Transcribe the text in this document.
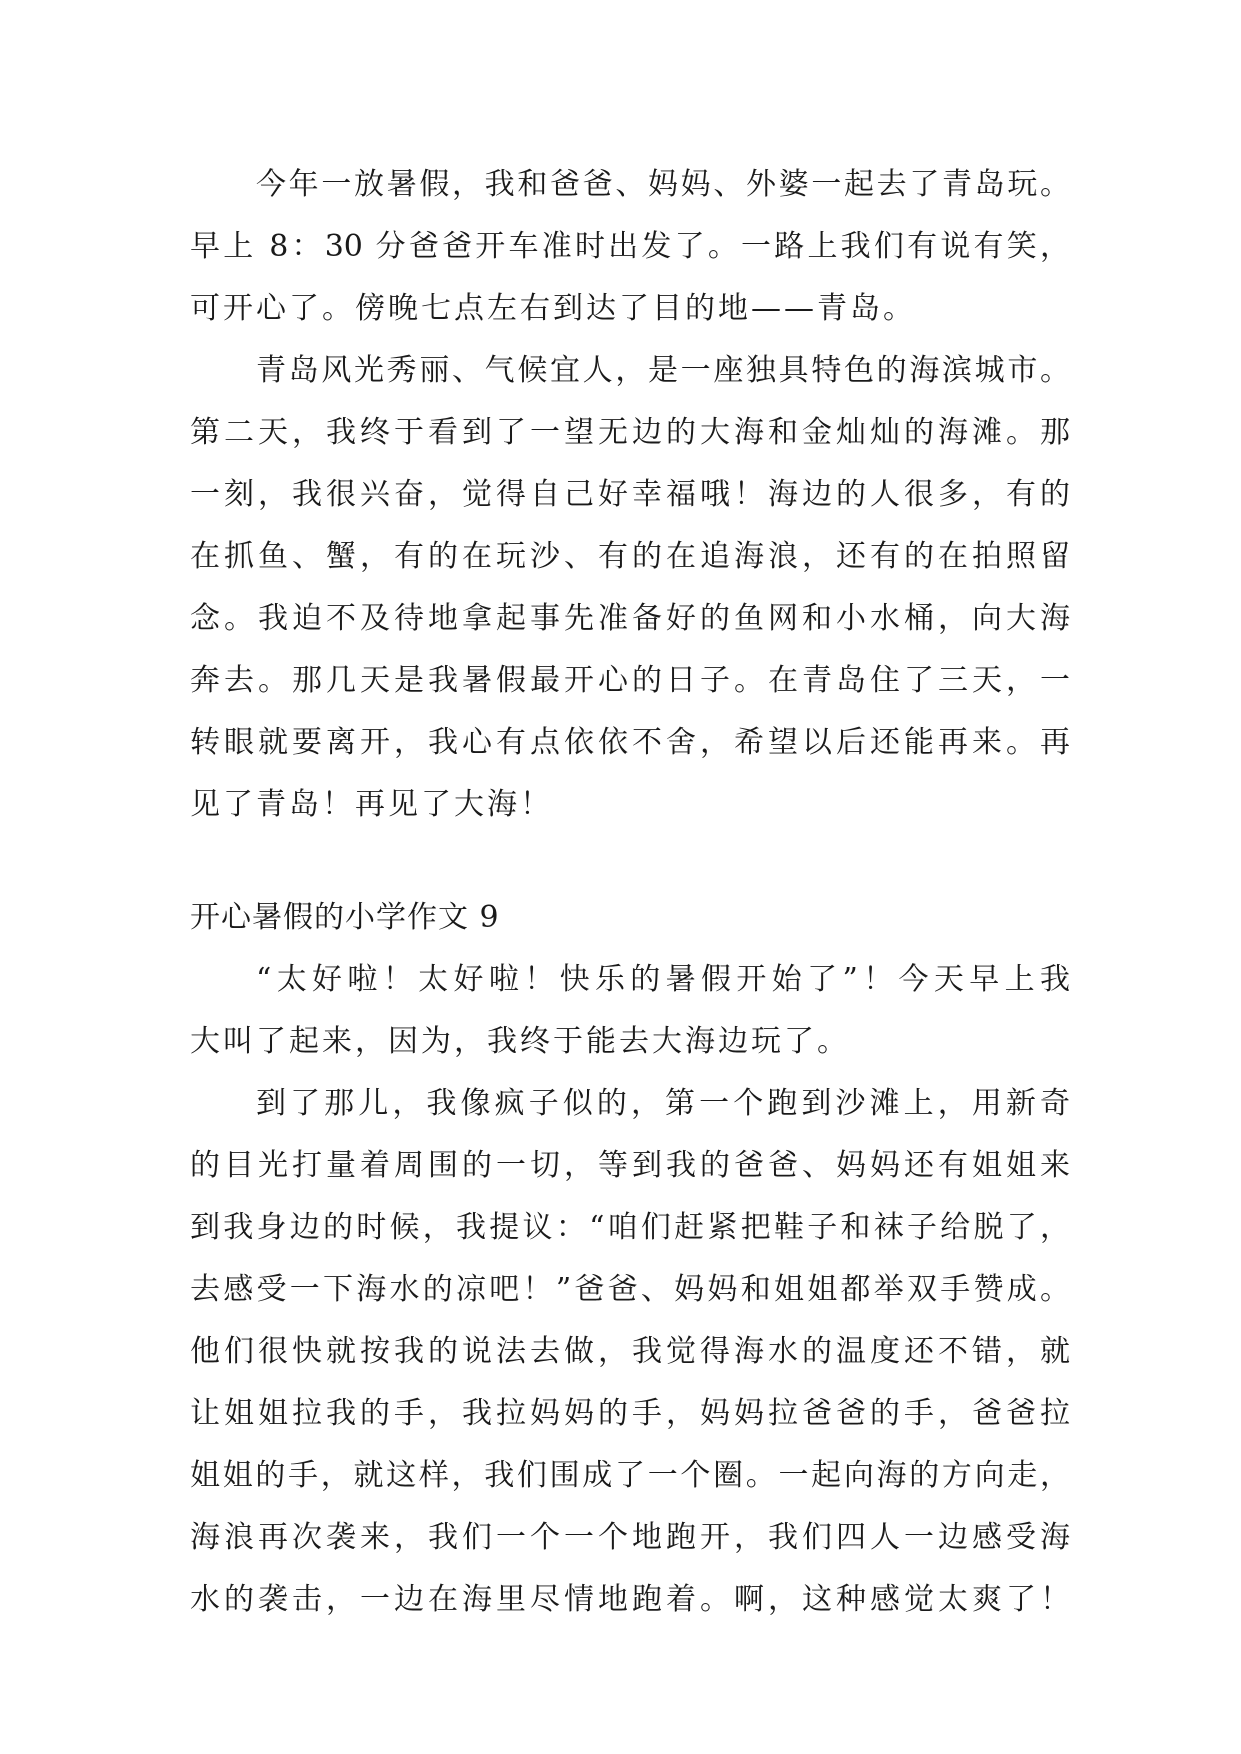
今年一放暑假，我和爸爸、妈妈、外婆一起去了青岛玩。
早上 8：30 分爸爸开车准时出发了。一路上我们有说有笑，
可开心了。傍晚七点左右到达了目的地——青岛。
青岛风光秀丽、气候宜人，是一座独具特色的海滨城市。
第二天，我终于看到了一望无边的大海和金灿灿的海滩。那
一刻，我很兴奋，觉得自己好幸福哦！海边的人很多，有的
在抓鱼、蟹，有的在玩沙、有的在追海浪，还有的在拍照留
念。我迫不及待地拿起事先准备好的鱼网和小水桶，向大海
奔去。那几天是我暑假最开心的日子。在青岛住了三天，一
转眼就要离开，我心有点依依不舍，希望以后还能再来。再
见了青岛！再见了大海！
开心暑假的小学作文 9
“太好啦！太好啦！快乐的暑假开始了”！今天早上我
大叫了起来，因为，我终于能去大海边玩了。
到了那儿，我像疯子似的，第一个跑到沙滩上，用新奇
的目光打量着周围的一切，等到我的爸爸、妈妈还有姐姐来
到我身边的时候，我提议：“咱们赶紧把鞋子和袜子给脱了，
去感受一下海水的凉吧！”爸爸、妈妈和姐姐都举双手赞成。
他们很快就按我的说法去做，我觉得海水的温度还不错，就
让姐姐拉我的手，我拉妈妈的手，妈妈拉爸爸的手，爸爸拉
姐姐的手，就这样，我们围成了一个圈。一起向海的方向走，
海浪再次袭来，我们一个一个地跑开，我们四人一边感受海
水的袭击，一边在海里尽情地跑着。啊，这种感觉太爽了！
